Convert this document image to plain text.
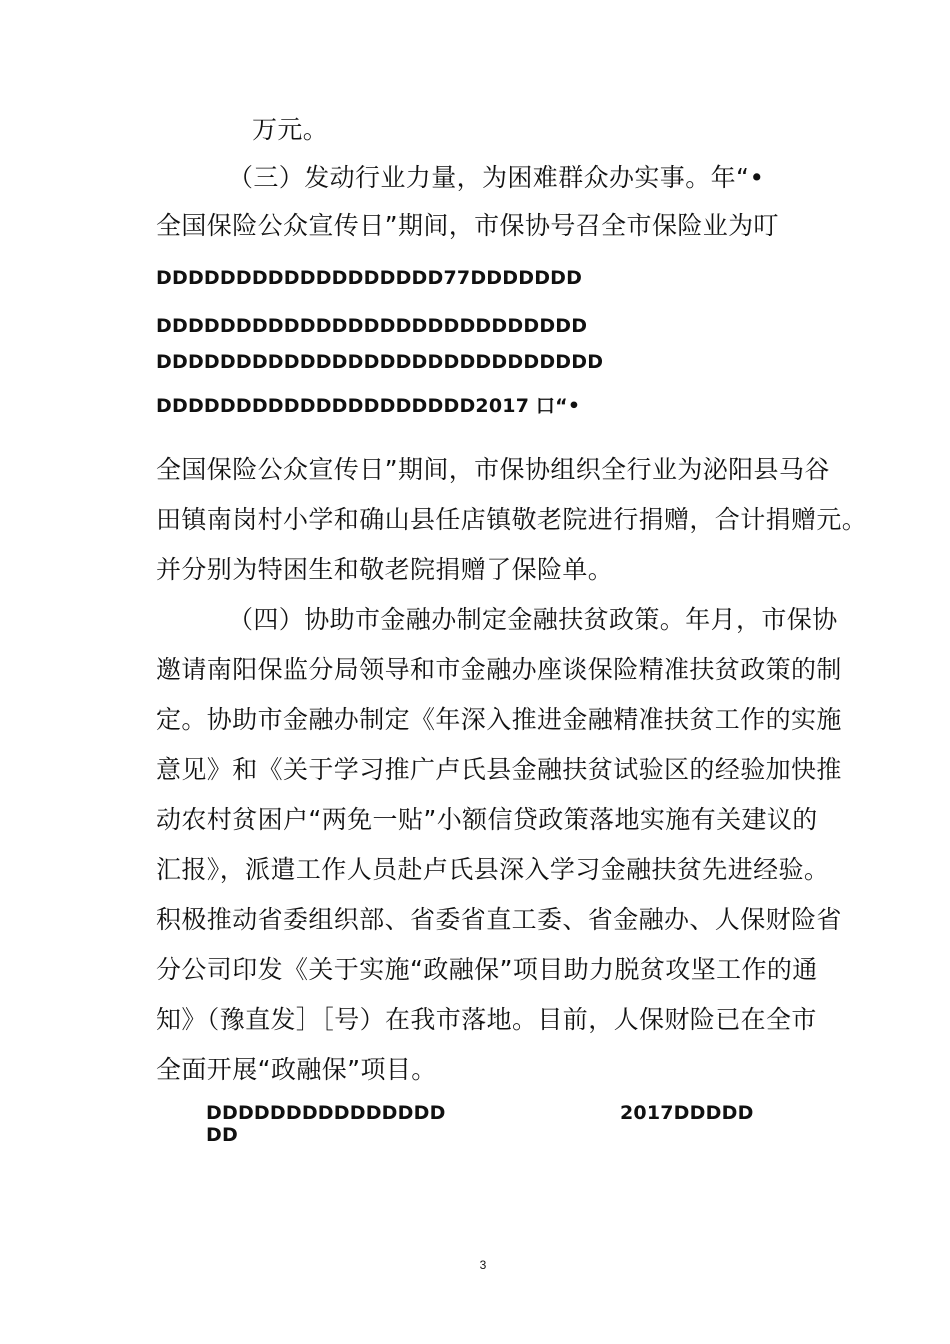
万元。
（三）发动行业力量，为困难群众办实事。年“•
全国保险公众宣传日”期间，市保协号召全市保险业为叮
DDDDDDDDDDDDDDDDDD77DDDDDDD
DDDDDDDDDDDDDDDDDDDDDDDDDDD
DDDDDDDDDDDDDDDDDDDDDDDDDDDD
DDDDDDDDDDDDDDDDDDDD2017 口“•
全国保险公众宣传日”期间，市保协组织全行业为泌阳县马谷
田镇南岗村小学和确山县任店镇敬老院进行捐赠，合计捐赠元。
并分别为特困生和敬老院捐赠了保险单。
（四）协助市金融办制定金融扶贫政策。年月，市保协
邀请南阳保监分局领导和市金融办座谈保险精准扶贫政策的制
定。协助市金融办制定《年深入推进金融精准扶贫工作的实施
意见》和《关于学习推广卢氏县金融扶贫试验区的经验加快推
动农村贫困户“两免一贴”小额信贷政策落地实施有关建议的
汇报》，派遣工作人员赴卢氏县深入学习金融扶贫先进经验。
积极推动省委组织部、省委省直工委、省金融办、人保财险省
分公司印发《关于实施“政融保”项目助力脱贫攻坚工作的通
知》（豫直发］［号）在我市落地。目前，人保财险已在全市
全面开展“政融保”项目。
DDDDDDDDDDDDDDD
DD
2017DDDDD
3
